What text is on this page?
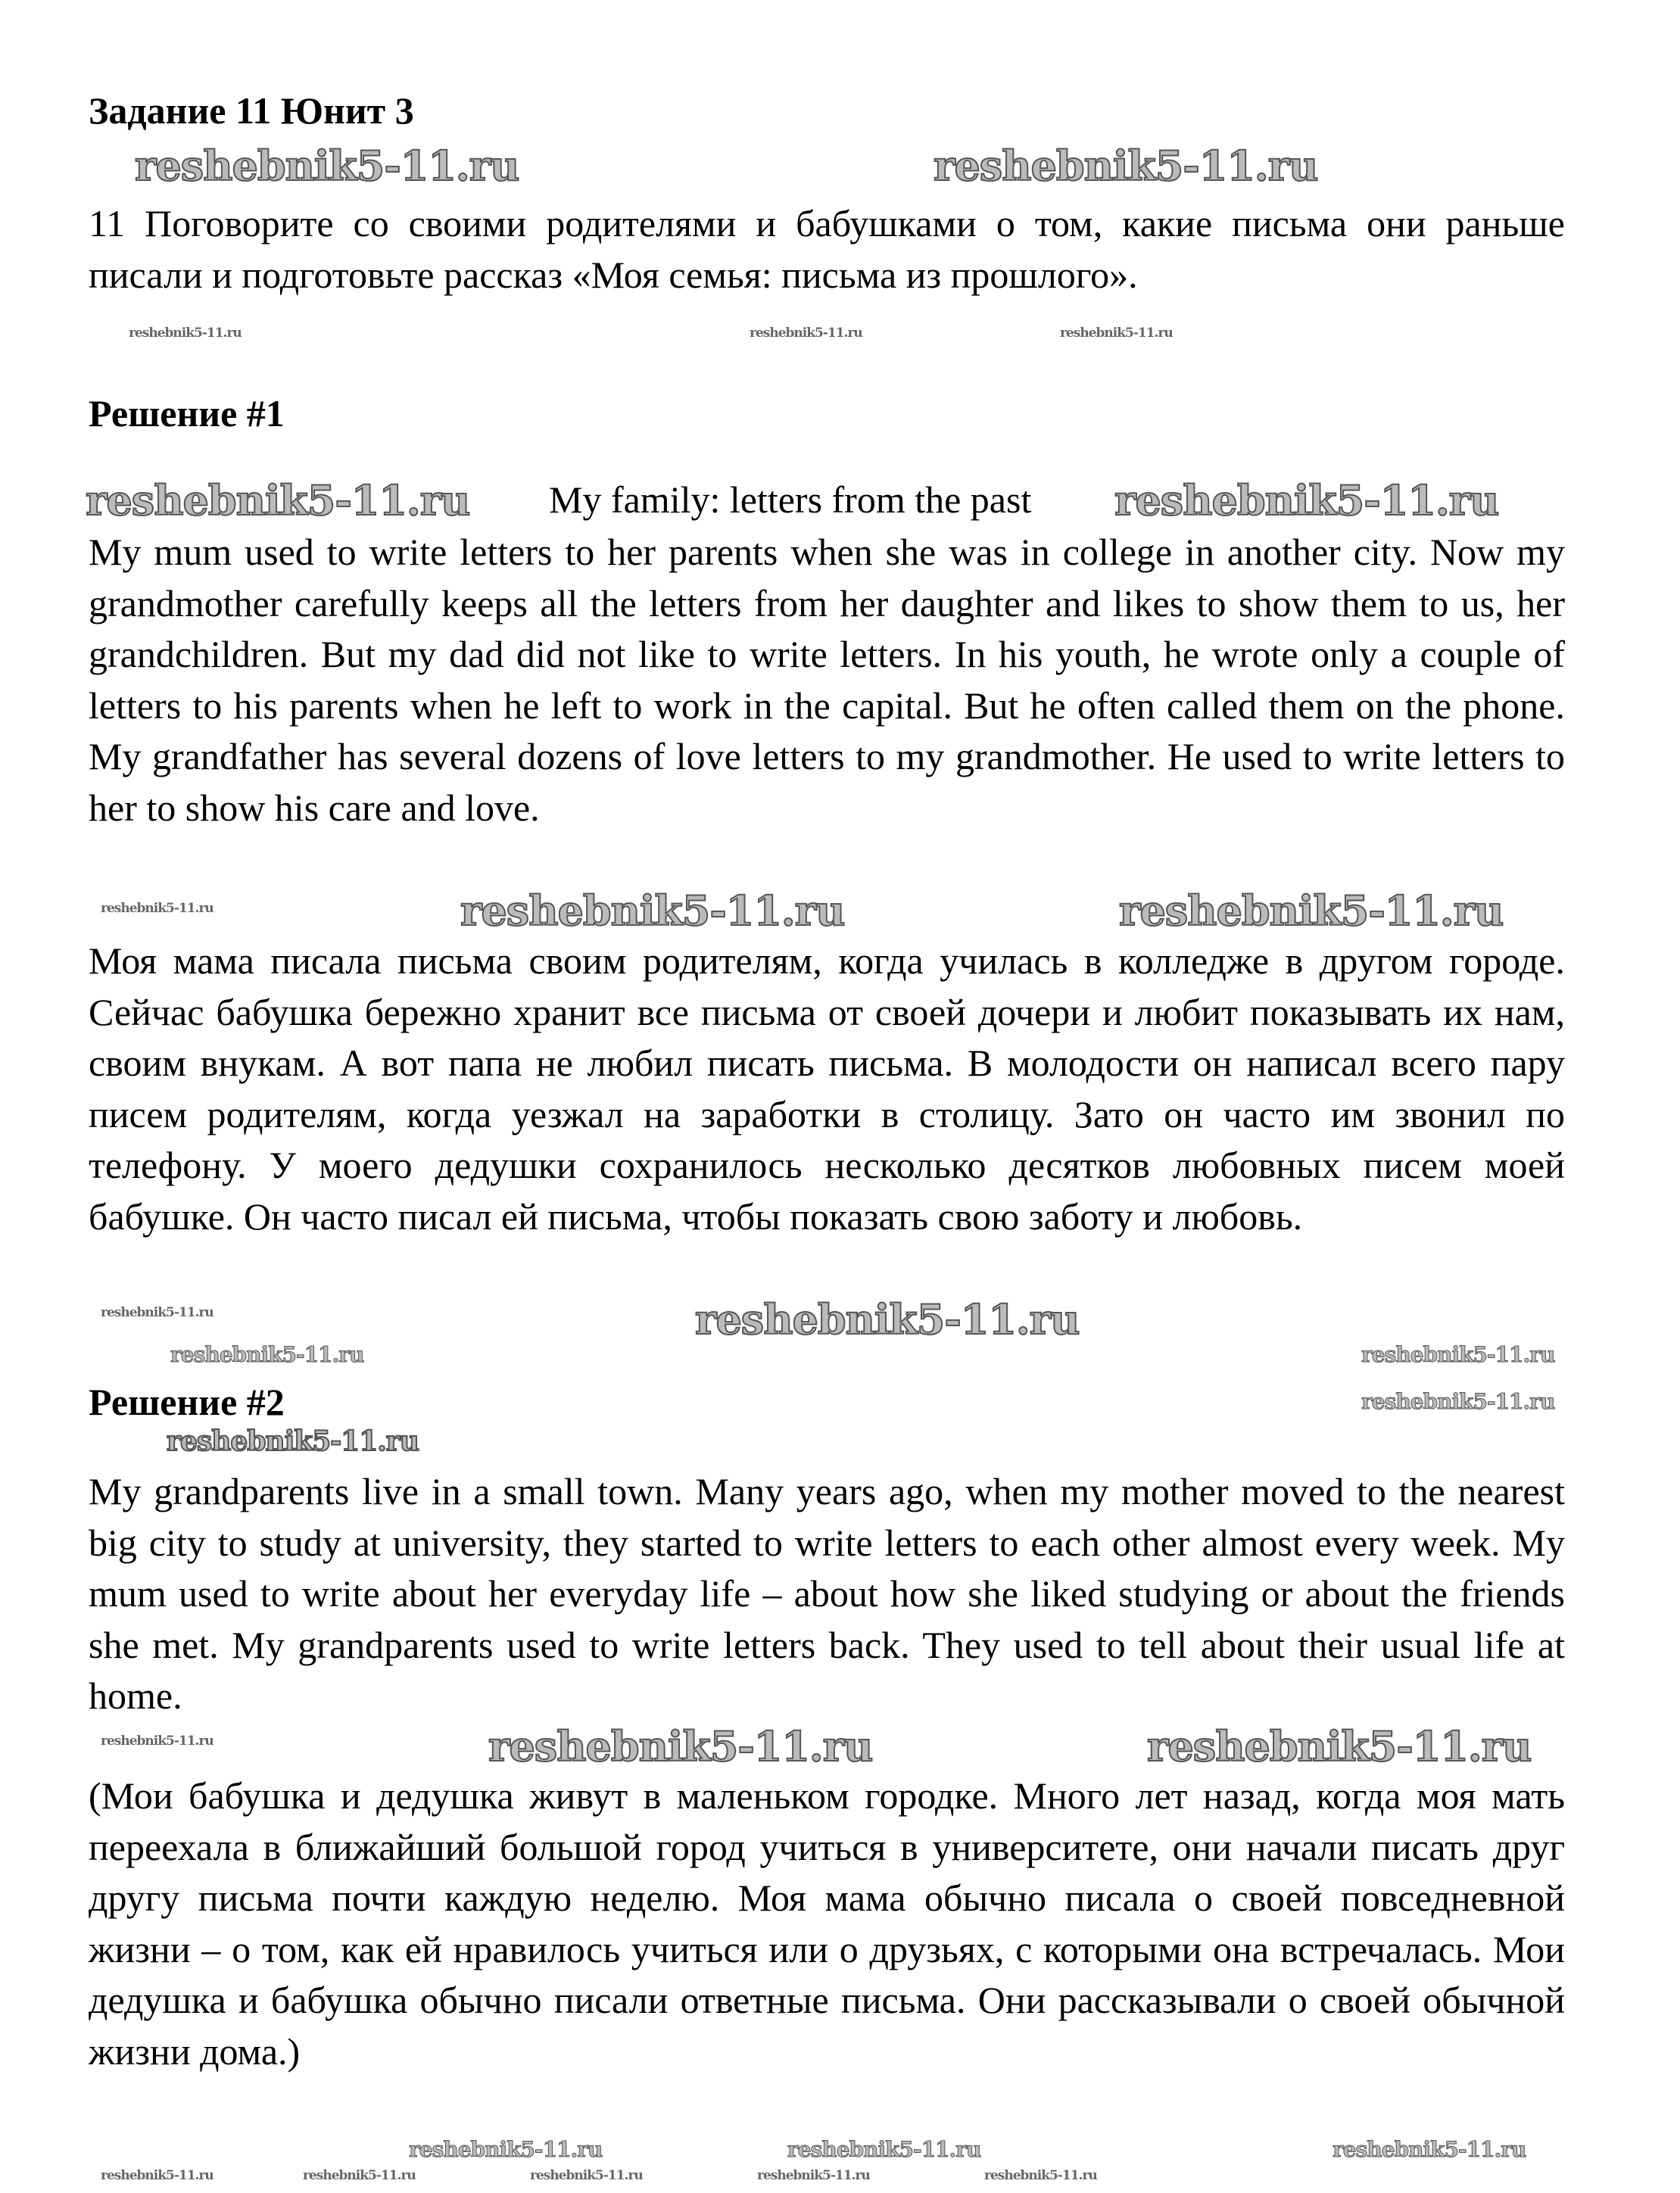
Задание 11 Юнит 3
11 Поговорите со своими родителями и бабушками о том, какие письма они раньше писали и подготовьте рассказ «Моя семья: письма из прошлого».
Решение #1
My family: letters from the past
My mum used to write letters to her parents when she was in college in another city. Now my grandmother carefully keeps all the letters from her daughter and likes to show them to us, her grandchildren. But my dad did not like to write letters. In his youth, he wrote only a couple of letters to his parents when he left to work in the capital. But he often called them on the phone. My grandfather has several dozens of love letters to my grandmother. He used to write letters to her to show his care and love.
Моя мама писала письма своим родителям, когда училась в колледже в другом городе. Сейчас бабушка бережно хранит все письма от своей дочери и любит показывать их нам, своим внукам. А вот папа не любил писать письма. В молодости он написал всего пару писем родителям, когда уезжал на заработки в столицу. Зато он часто им звонил по телефону. У моего дедушки сохранилось несколько десятков любовных писем моей бабушке. Он часто писал ей письма, чтобы показать свою заботу и любовь.
Решение #2
My grandparents live in a small town. Many years ago, when my mother moved to the nearest big city to study at university, they started to write letters to each other almost every week. My mum used to write about her everyday life – about how she liked studying or about the friends she met. My grandparents used to write letters back. They used to tell about their usual life at home.
(Мои бабушка и дедушка живут в маленьком городке. Много лет назад, когда моя мать переехала в ближайший большой город учиться в университете, они начали писать друг другу письма почти каждую неделю. Моя мама обычно писала о своей повседневной жизни – о том, как ей нравилось учиться или о друзьях, с которыми она встречалась. Мои дедушка и бабушка обычно писали ответные письма. Они рассказывали о своей обычной жизни дома.)
reshebnik5-11.ru	reshebnik5-11.ru
reshebnik5-11.ru	reshebnik5-11.ru
reshebnik5-11.ru
reshebnik5-11.ru
reshebnik5-11.ru
reshebnik5-11.ru
reshebnik5-11.ru
reshebnik5-11.ru
reshebnik5-11.ru
reshebnik5-11.ru
reshebnik5-11.ru
reshebnik5-11.ru	reshebnik5-11.ru
reshebnik5-11.ru
reshebnik5-11.ru
reshebnik5-11.ru
reshebnik5-11.ru
reshebnik5-11.ru	reshebnik5-11.ru	reshebnik5-11.ru
reshebnik5-11.ru	reshebnik5-11.ru
reshebnik5-11.ru
reshebnik5-11.ru
reshebnik5-11.ru
